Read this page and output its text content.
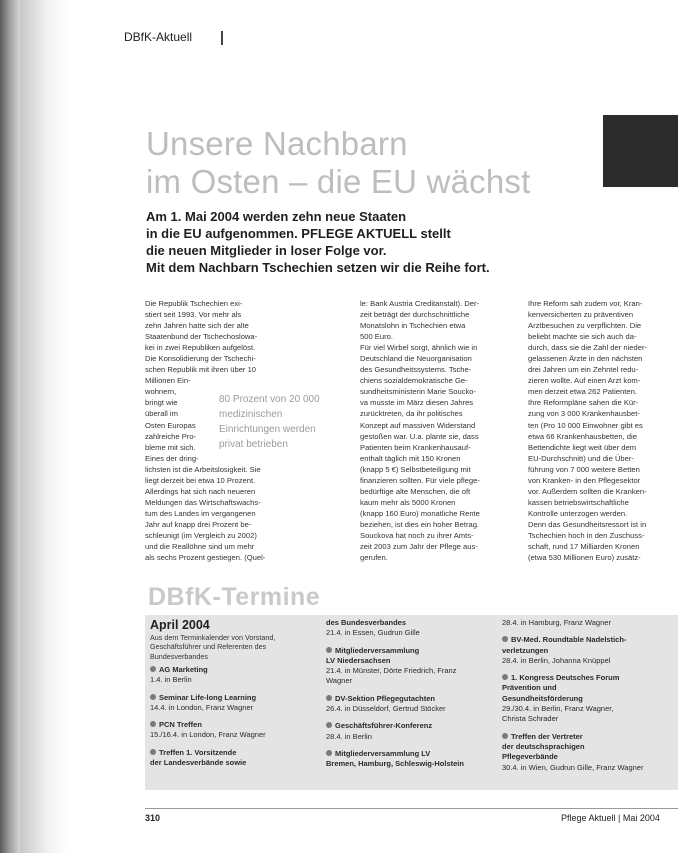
DBfK-Aktuell
Unsere Nachbarn
im Osten – die EU wächst
Am 1. Mai 2004 werden zehn neue Staaten
in die EU aufgenommen. PFLEGE AKTUELL stellt
die neuen Mitglieder in loser Folge vor.
Mit dem Nachbarn Tschechien setzen wir die Reihe fort.
Die Republik Tschechien exi-
stiert seit 1993. Vor mehr als
zehn Jahren hatte sich der alte
Staatenbund der Tschechoslowa-
kei in zwei Republiken aufgelöst.
Die Konsolidierung der Tschechi-
schen Republik mit ihren über 10
Millionen Ein-
wohnern,
bringt wie
überall im
Osten Europas
zahlreiche Pro-
bleme mit sich.
Eines der dring-
lichsten ist die Arbeitslosigkeit. Sie
liegt derzeit bei etwa 10 Prozent.
Allerdings hat sich nach neueren
Meldungen das Wirtschaftswachs-
tum des Landes im vergangenen
Jahr auf knapp drei Prozent be-
schleunigt (im Vergleich zu 2002)
und die Reallöhne sind um mehr
als sechs Prozent gestiegen. (Quel-
le: Bank Austria Creditanstalt). Der-
zeit beträgt der durchschnittliche
Monatslohn in Tschechien etwa
500 Euro.
Für viel Wirbel sorgt, ähnlich wie in
Deutschland die Neuorganisation
des Gesundheitssystems. Tsche-
chiens sozialdemokratische Ge-
sundheitsministerin Marie Soucko-
va musste im März diesen Jahres
zurücktreten, da ihr politisches
Konzept auf massiven Widerstand
gestoßen war. U.a. plante sie, dass
Patienten beim Krankenhausauf-
enthalt täglich mit 150 Kronen
(knapp 5 €) Selbstbeteiligung mit
finanzieren sollten. Für viele pflege-
bedürftige alte Menschen, die oft
kaum mehr als 5000 Kronen
(knapp 160 Euro) monatliche Rente
beziehen, ist dies ein hoher Betrag.
Souckova hat noch zu ihrer Amts-
zeit 2003 zum Jahr der Pflege aus-
gerufen.
Ihre Reform sah zudem vor, Kran-
kenversicherten zu präventiven
Arztbesuchen zu verpflichten. Die
beliebt machte sie sich auch da-
durch, dass sie die Zahl der nieder-
gelassenen Ärzte in den nächsten
drei Jahren um ein Zehntel redu-
zieren wollte. Auf einen Arzt kom-
men derzeit etwa 262 Patienten.
Ihre Reformpläne sahen die Kür-
zung von 3 000 Krankenhausbet-
ten (Pro 10 000 Einwohner gibt es
etwa 66 Krankenhausbetten, die
Bettendichte liegt weit über dem
EU-Durchschnitt) und die Über-
führung von 7 000 weitere Betten
von Kranken- in den Pflegesektor
vor. Außerdem sollten die Kranken-
kassen betriebswirtschaftliche
Kontrolle unterzogen werden.
Denn das Gesundheitsressort ist in
Tschechien hoch in den Zuschuss-
schaft, rund 17 Milliarden Kronen
(etwa 530 Millionen Euro) zusätz-
80 Prozent von 20 000
medizinischen
Einrichtungen werden
privat betrieben
DBfK-Termine
April 2004
Aus dem Terminkalender von Vorstand,
Geschäftsführer und Referenten des
Bundesverbandes
AG Marketing
1.4. in Berlin
Seminar Life-long Learning
14.4. in London, Franz Wagner
PCN Treffen
15./16.4. in London, Franz Wagner
Treffen 1. Vorsitzende
der Landesverbände sowie
des Bundesverbandes
21.4. in Essen, Gudrun Gille
Mitgliederversammlung
LV Niedersachsen
21.4. in Münster, Dörte Friedrich, Franz
Wagner
DV-Sektion Pflegegutachten
26.4. in Düsseldorf, Gertrud Stöcker
Geschäftsführer-Konferenz
28.4. in Berlin
Mitgliederversammlung LV
Bremen, Hamburg, Schleswig-Holstein
28.4. in Hamburg, Franz Wagner
BV-Med. Roundtable Nadelstich-
verletzungen
28.4. in Berlin, Johanna Knüppel
1. Kongress Deutsches Forum
Prävention und
Gesundheitsförderung
29./30.4. in Berlin, Franz Wagner,
Christa Schrader
Treffen der Vertreter
der deutschsprachigen
Pflegeverbände
30.4. in Wien, Gudrun Gille, Franz Wagner
310	Pflege Aktuell | Mai 2004
